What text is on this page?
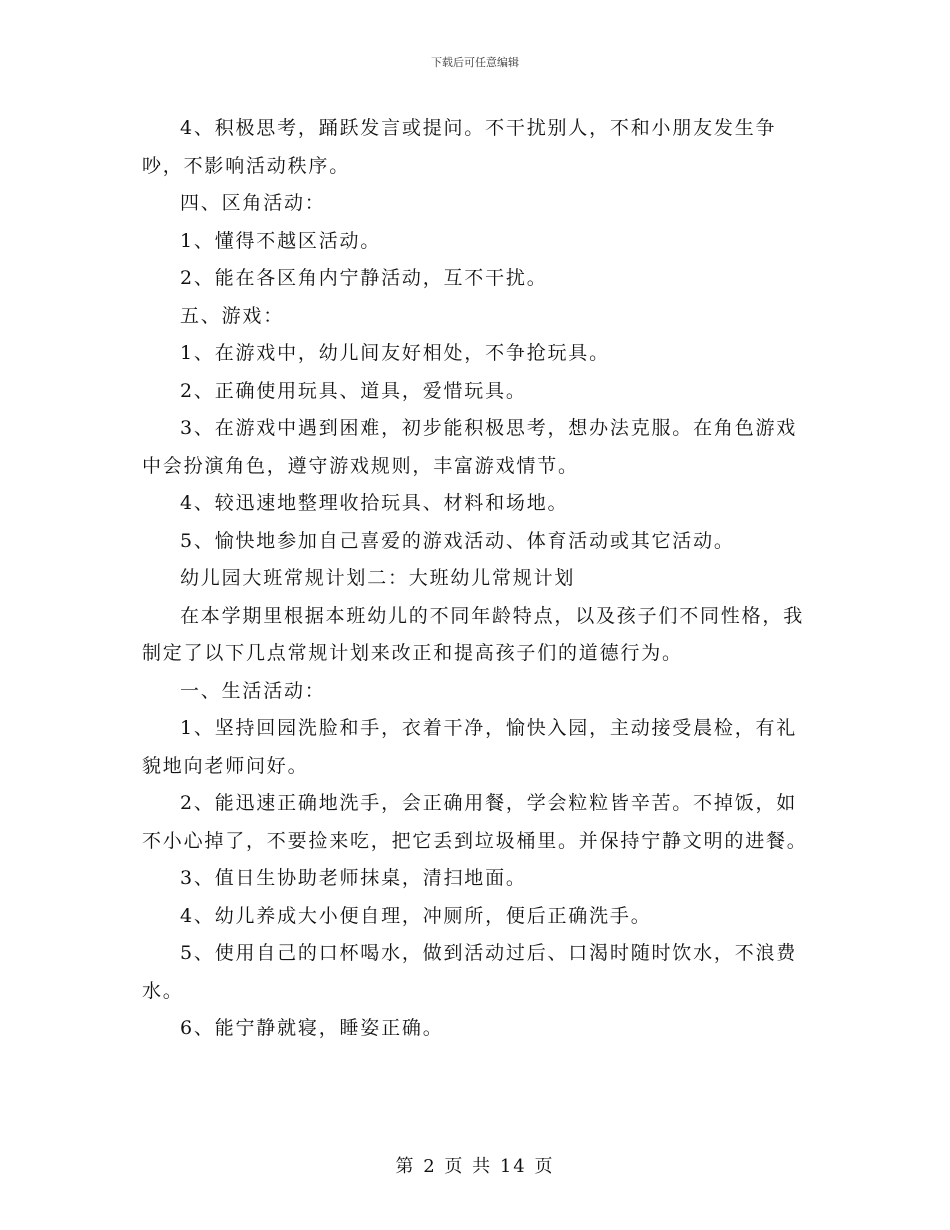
下载后可任意编辑

4、积极思考，踊跃发言或提问。不干扰别人，不和小朋友发生争吵，不影响活动秩序。

四、区角活动：

1、懂得不越区活动。

2、能在各区角内宁静活动，互不干扰。

五、游戏：

1、在游戏中，幼儿间友好相处，不争抢玩具。

2、正确使用玩具、道具，爱惜玩具。

3、在游戏中遇到困难，初步能积极思考，想办法克服。在角色游戏中会扮演角色，遵守游戏规则，丰富游戏情节。

4、较迅速地整理收拾玩具、材料和场地。

5、愉快地参加自己喜爱的游戏活动、体育活动或其它活动。

幼儿园大班常规计划二：大班幼儿常规计划

在本学期里根据本班幼儿的不同年龄特点，以及孩子们不同性格，我制定了以下几点常规计划来改正和提高孩子们的道德行为。

一、生活活动：

1、坚持回园洗脸和手，衣着干净，愉快入园，主动接受晨检，有礼貌地向老师问好。

2、能迅速正确地洗手，会正确用餐，学会粒粒皆辛苦。不掉饭，如不小心掉了，不要捡来吃，把它丢到垃圾桶里。并保持宁静文明的进餐。

3、值日生协助老师抹桌，清扫地面。

4、幼儿养成大小便自理，冲厕所，便后正确洗手。

5、使用自己的口杯喝水，做到活动过后、口渴时随时饮水，不浪费水。

6、能宁静就寝，睡姿正确。

第 2 页 共 14 页
